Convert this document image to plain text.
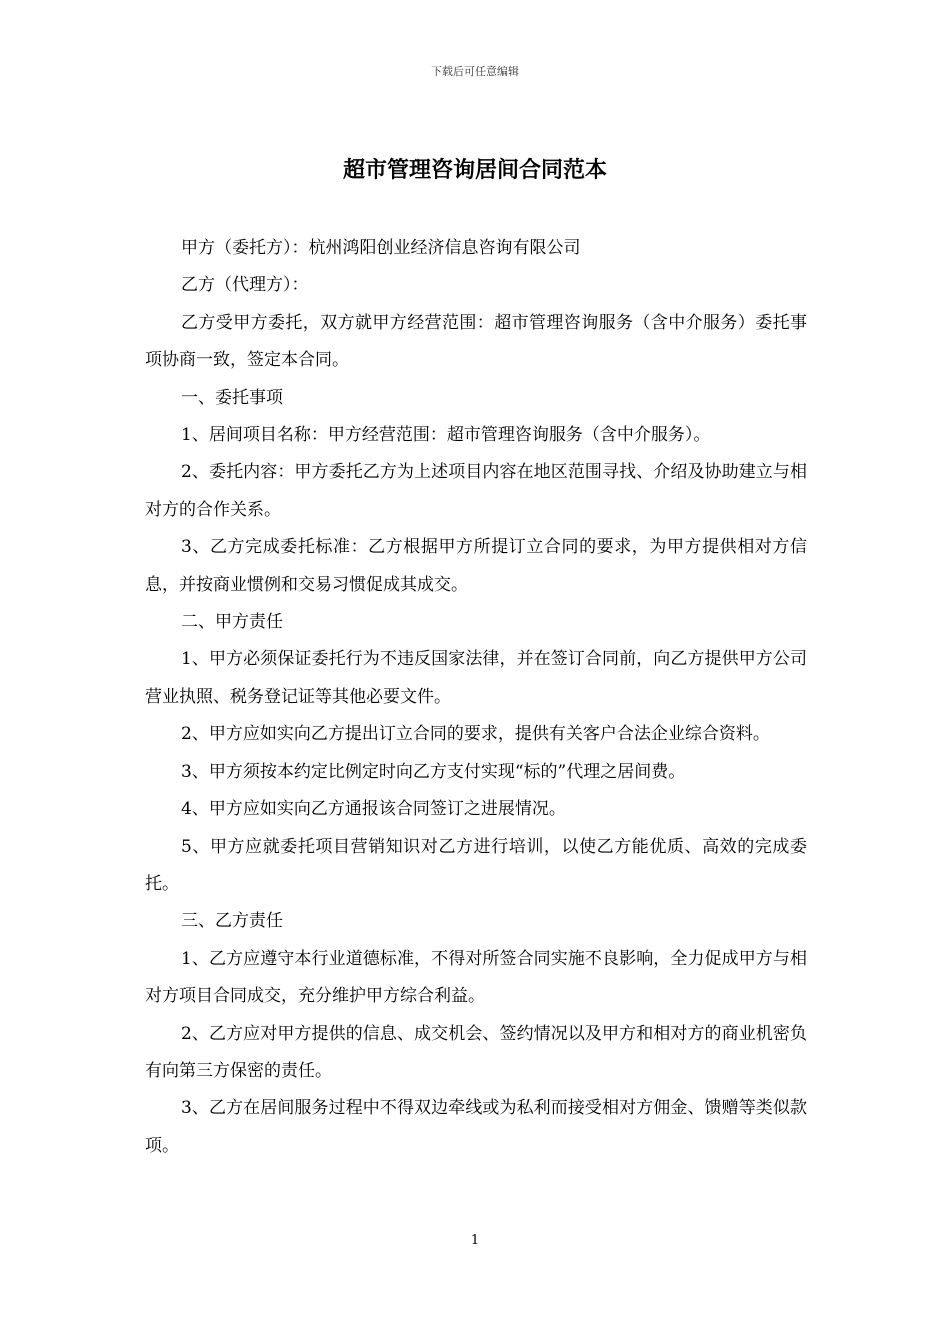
下载后可任意编辑
超市管理咨询居间合同范本

甲方（委托方）：杭州鸿阳创业经济信息咨询有限公司

乙方（代理方）：

乙方受甲方委托，双方就甲方经营范围：超市管理咨询服务（含中介服务）委托事项协商一致，签定本合同。

一、委托事项

1、居间项目名称：甲方经营范围：超市管理咨询服务（含中介服务）。

2、委托内容：甲方委托乙方为上述项目内容在地区范围寻找、介绍及协助建立与相对方的合作关系。

3、乙方完成委托标准：乙方根据甲方所提订立合同的要求，为甲方提供相对方信息，并按商业惯例和交易习惯促成其成交。

二、甲方责任

1、甲方必须保证委托行为不违反国家法律，并在签订合同前，向乙方提供甲方公司营业执照、税务登记证等其他必要文件。

2、甲方应如实向乙方提出订立合同的要求，提供有关客户合法企业综合资料。

3、甲方须按本约定比例定时向乙方支付实现“标的”代理之居间费。

4、甲方应如实向乙方通报该合同签订之进展情况。

5、甲方应就委托项目营销知识对乙方进行培训，以使乙方能优质、高效的完成委托。

三、乙方责任

1、乙方应遵守本行业道德标准，不得对所签合同实施不良影响，全力促成甲方与相对方项目合同成交，充分维护甲方综合利益。

2、乙方应对甲方提供的信息、成交机会、签约情况以及甲方和相对方的商业机密负有向第三方保密的责任。

3、乙方在居间服务过程中不得双边牵线或为私利而接受相对方佣金、馈赠等类似款项。

1
